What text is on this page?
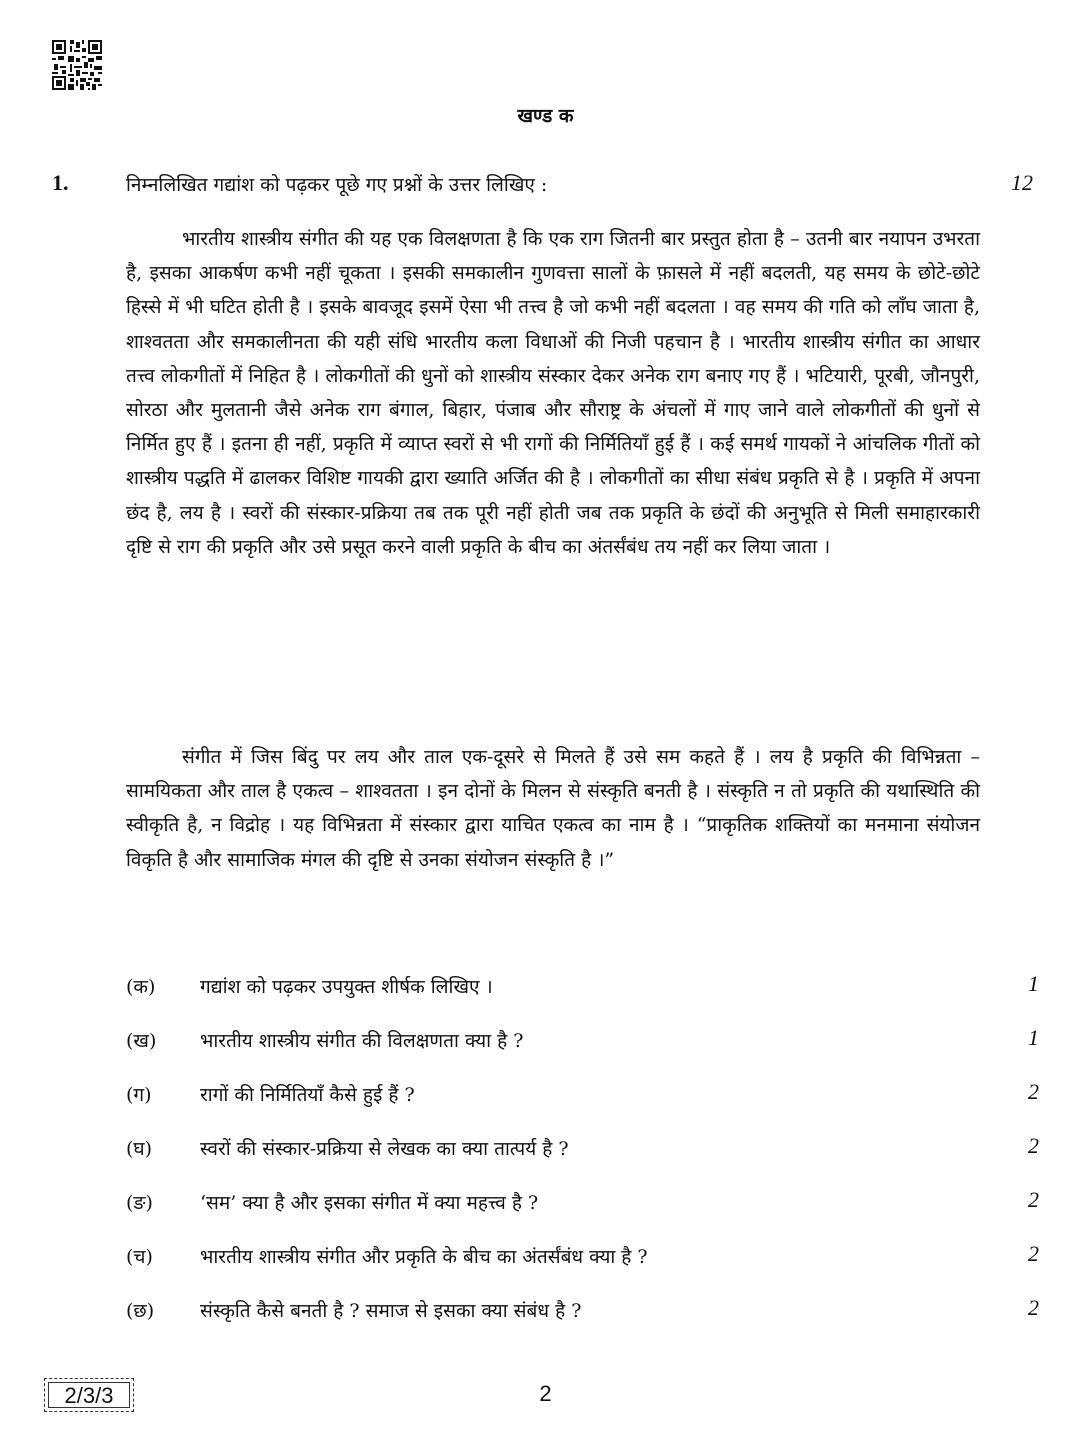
खण्ड क
1.	निम्नलिखित गद्यांश को पढ़कर पूछे गए प्रश्नों के उत्तर लिखिए :	12

भारतीय शास्त्रीय संगीत की यह एक विलक्षणता है कि एक राग जितनी बार प्रस्तुत होता है – उतनी बार नयापन उभरता है, इसका आकर्षण कभी नहीं चूकता । इसकी समकालीन गुणवत्ता सालों के फ़ासले में नहीं बदलती, यह समय के छोटे-छोटे हिस्से में भी घटित होती है । इसके बावजूद इसमें ऐसा भी तत्त्व है जो कभी नहीं बदलता । वह समय की गति को लाँघ जाता है, शाश्वतता और समकालीनता की यही संधि भारतीय कला विधाओं की निजी पहचान है । भारतीय शास्त्रीय संगीत का आधार तत्त्व लोकगीतों में निहित है । लोकगीतों की धुनों को शास्त्रीय संस्कार देकर अनेक राग बनाए गए हैं । भटियारी, पूरबी, जौनपुरी, सोरठा और मुलतानी जैसे अनेक राग बंगाल, बिहार, पंजाब और सौराष्ट्र के अंचलों में गाए जाने वाले लोकगीतों की धुनों से निर्मित हुए हैं । इतना ही नहीं, प्रकृति में व्याप्त स्वरों से भी रागों की निर्मितियाँ हुई हैं । कई समर्थ गायकों ने आंचलिक गीतों को शास्त्रीय पद्धति में ढालकर विशिष्ट गायकी द्वारा ख्याति अर्जित की है । लोकगीतों का सीधा संबंध प्रकृति से है । प्रकृति में अपना छंद है, लय है । स्वरों की संस्कार-प्रक्रिया तब तक पूरी नहीं होती जब तक प्रकृति के छंदों की अनुभूति से मिली समाहारकारी दृष्टि से राग की प्रकृति और उसे प्रसूत करने वाली प्रकृति के बीच का अंतर्संबंध तय नहीं कर लिया जाता ।

संगीत में जिस बिंदु पर लय और ताल एक-दूसरे से मिलते हैं उसे सम कहते हैं । लय है प्रकृति की विभिन्नता – सामयिकता और ताल है एकत्व – शाश्वतता । इन दोनों के मिलन से संस्कृति बनती है । संस्कृति न तो प्रकृति की यथास्थिति की स्वीकृति है, न विद्रोह । यह विभिन्नता में संस्कार द्वारा याचित एकत्व का नाम है । “प्राकृतिक शक्तियों का मनमाना संयोजन विकृति है और सामाजिक मंगल की दृष्टि से उनका संयोजन संस्कृति है ।”

(क) गद्यांश को पढ़कर उपयुक्त शीर्षक लिखिए ।	1
(ख) भारतीय शास्त्रीय संगीत की विलक्षणता क्या है ?	1
(ग)	रागों की निर्मितियाँ कैसे हुई हैं ?	2
(घ)	स्वरों की संस्कार-प्रक्रिया से लेखक का क्या तात्पर्य है ?	2
(ङ) ‘सम’ क्या है और इसका संगीत में क्या महत्त्व है ?	2
(च) भारतीय शास्त्रीय संगीत और प्रकृति के बीच का अंतर्संबंध क्या है ?	2
(छ) संस्कृति कैसे बनती है ? समाज से इसका क्या संबंध है ?	2
2/3/3	2
